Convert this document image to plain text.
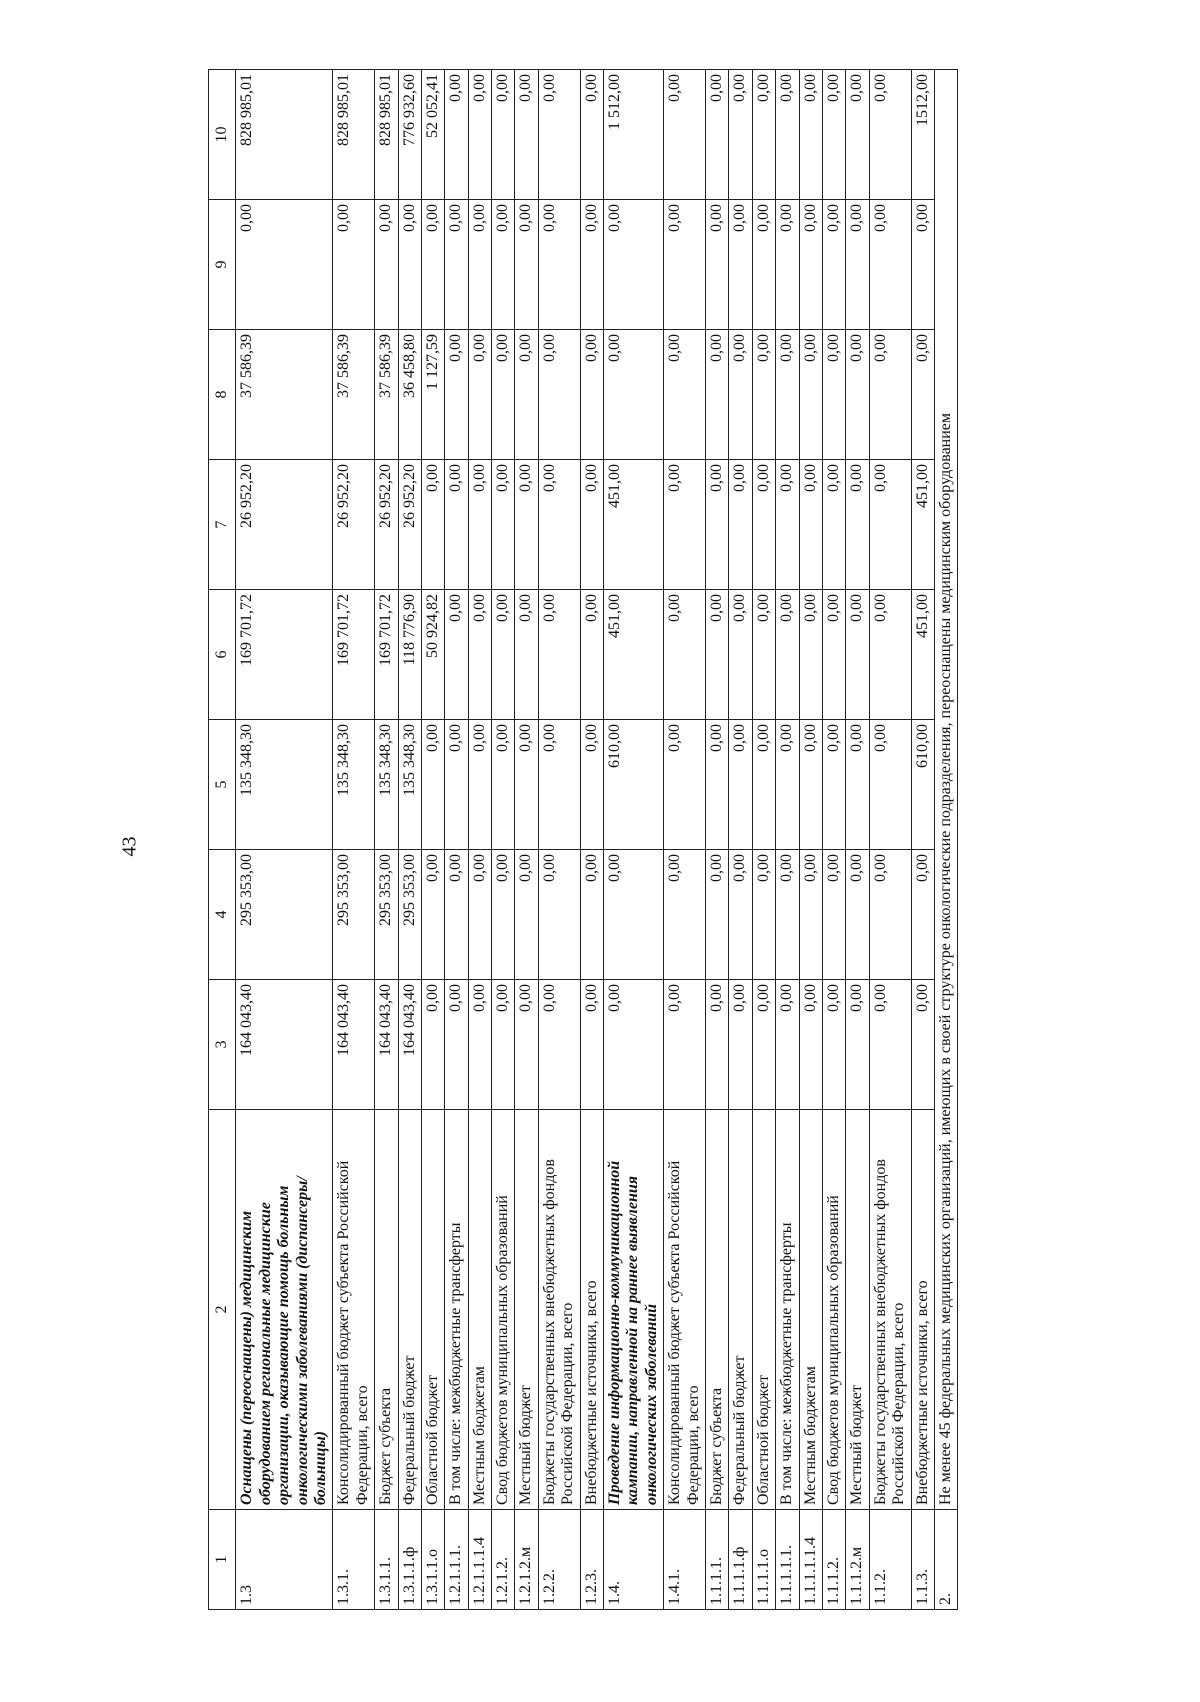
43
1	2	3	4	5	6	7	8	9	10
1.3	Оснащены (переоснащены) медицинским оборудованием региональные медицинские организации, оказывающие помощь больным онкологическими заболеваниями (диспансеры/больницы)	164 043,40	295 353,00	135 348,30	169 701,72	26 952,20	37 586,39	0,00	828 985,01
1.3.1.	Консолидированный бюджет субъекта Российской Федерации, всего	164 043,40	295 353,00	135 348,30	169 701,72	26 952,20	37 586,39	0,00	828 985,01
1.3.1.1.	Бюджет субъекта	164 043,40	295 353,00	135 348,30	169 701,72	26 952,20	37 586,39	0,00	828 985,01
1.3.1.1.ф	Федеральный бюджет	164 043,40	295 353,00	135 348,30	118 776,90	26 952,20	36 458,80	0,00	776 932,60
1.3.1.1.о	Областной бюджет	0,00	0,00	0,00	50 924,82	0,00	1 127,59	0,00	52 052,41
1.2.1.1.1.	В том числе: межбюджетные трансферты	0,00	0,00	0,00	0,00	0,00	0,00	0,00	0,00
1.2.1.1.1.4	Местным бюджетам	0,00	0,00	0,00	0,00	0,00	0,00	0,00	0,00
1.2.1.2.	Свод бюджетов муниципальных образований	0,00	0,00	0,00	0,00	0,00	0,00	0,00	0,00
1.2.1.2.м	Местный бюджет	0,00	0,00	0,00	0,00	0,00	0,00	0,00	0,00
1.2.2.	Бюджеты государственных внебюджетных фондов Российской Федерации, всего	0,00	0,00	0,00	0,00	0,00	0,00	0,00	0,00
1.2.3.	Внебюджетные источники, всего	0,00	0,00	0,00	0,00	0,00	0,00	0,00	0,00
1.4.	Проведение информационно-коммуникационной кампании, направленной на раннее выявления онкологических заболеваний	0,00	0,00	610,00	451,00	451,00	0,00	0,00	1 512,00
1.4.1.	Консолидированный бюджет субъекта Российской Федерации, всего	0,00	0,00	0,00	0,00	0,00	0,00	0,00	0,00
1.1.1.1.	Бюджет субъекта	0,00	0,00	0,00	0,00	0,00	0,00	0,00	0,00
1.1.1.1.ф	Федеральный бюджет	0,00	0,00	0,00	0,00	0,00	0,00	0,00	0,00
1.1.1.1.о	Областной бюджет	0,00	0,00	0,00	0,00	0,00	0,00	0,00	0,00
1.1.1.1.1.	В том числе: межбюджетные трансферты	0,00	0,00	0,00	0,00	0,00	0,00	0,00	0,00
1.1.1.1.1.4	Местным бюджетам	0,00	0,00	0,00	0,00	0,00	0,00	0,00	0,00
1.1.1.2.	Свод бюджетов муниципальных образований	0,00	0,00	0,00	0,00	0,00	0,00	0,00	0,00
1.1.1.2.м	Местный бюджет	0,00	0,00	0,00	0,00	0,00	0,00	0,00	0,00
1.1.2.	Бюджеты государственных внебюджетных фондов Российской Федерации, всего	0,00	0,00	0,00	0,00	0,00	0,00	0,00	0,00
1.1.3.	Внебюджетные источники, всего	0,00	0,00	610,00	451,00	451,00	0,00	0,00	1512,00
2.	Не менее 45 федеральных медицинских организаций, имеющих в своей структуре онкологические подразделения, переоснащены медицинским оборудованием								
